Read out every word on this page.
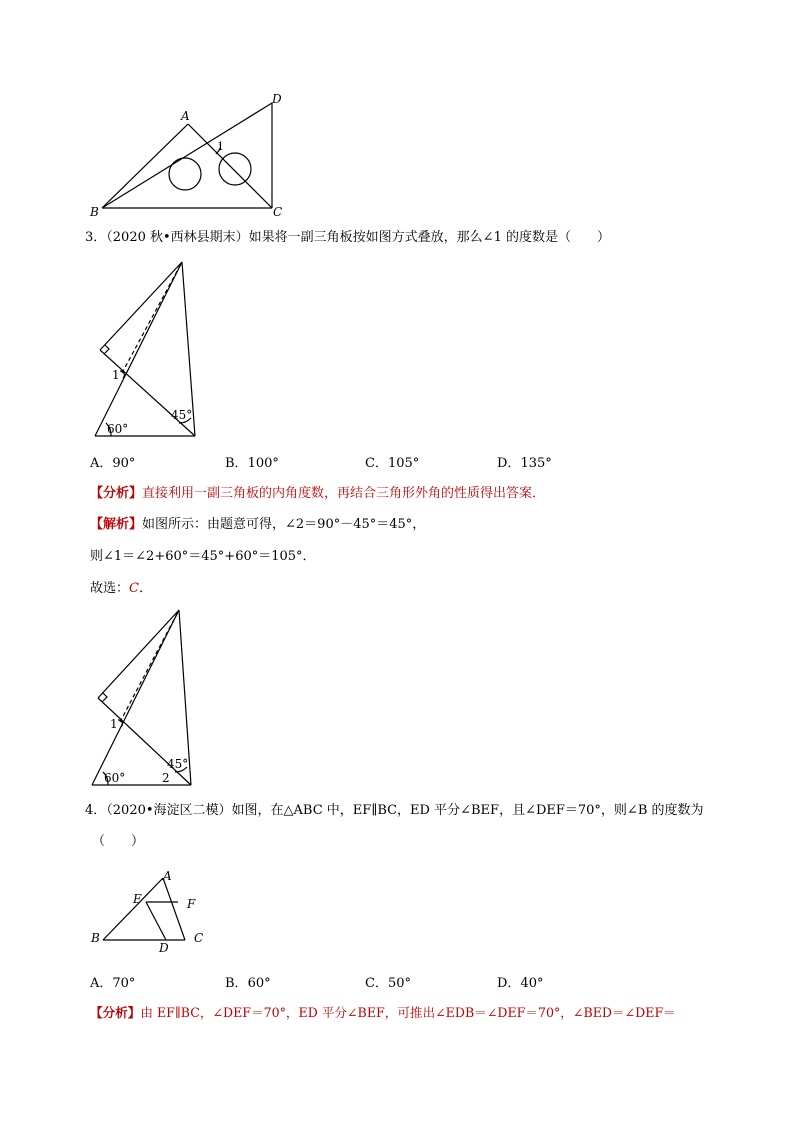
A
B	C
D
1
3．（2020 秋•西林县期末）如果将一副三角板按如图方式叠放，那么∠1 的度数是（　　）
1
45°
60°
A．90°	B．100°	C．105°	D．135°
【分析】直接利用一副三角板的内角度数，再结合三角形外角的性质得出答案．
【解析】如图所示：由题意可得，∠2＝90°－45°＝45°，
则∠1＝∠2+60°＝45°+60°＝105°．
故选：C．
1
45°
60°	2
4．（2020•海淀区二模）如图，在△ABC 中，EF∥BC，ED 平分∠BEF，且∠DEF＝70°，则∠B 的度数为
（　　）
A
B	C
D
E	F
A．70°	B．60°	C．50°	D．40°
【分析】由 EF∥BC，∠DEF＝70°，ED 平分∠BEF，可推出∠EDB＝∠DEF＝70°，∠BED＝∠DEF＝
